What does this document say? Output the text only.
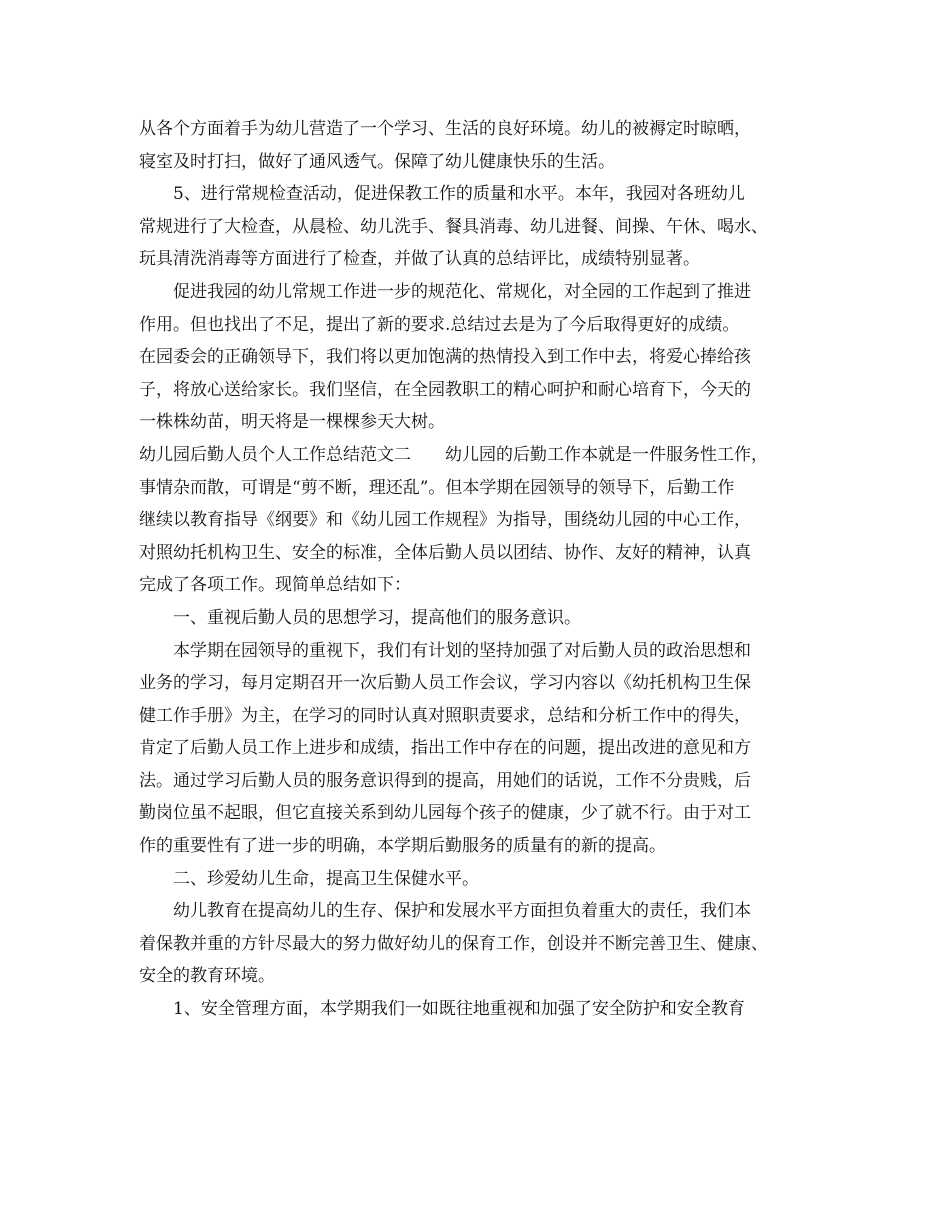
从各个方面着手为幼儿营造了一个学习、生活的良好环境。幼儿的被褥定时晾晒，
寝室及时打扫，做好了通风透气。保障了幼儿健康快乐的生活。
5、进行常规检查活动，促进保教工作的质量和水平。本年，我园对各班幼儿
常规进行了大检查，从晨检、幼儿洗手、餐具消毒、幼儿进餐、间操、午休、喝水、
玩具清洗消毒等方面进行了检查，并做了认真的总结评比，成绩特别显著。
促进我园的幼儿常规工作进一步的规范化、常规化，对全园的工作起到了推进
作用。但也找出了不足，提出了新的要求.总结过去是为了今后取得更好的成绩。
在园委会的正确领导下，我们将以更加饱满的热情投入到工作中去，将爱心捧给孩
子，将放心送给家长。我们坚信，在全园教职工的精心呵护和耐心培育下，今天的
一株株幼苗，明天将是一棵棵参天大树。
幼儿园后勤人员个人工作总结范文二 幼儿园的后勤工作本就是一件服务性工作，
事情杂而散，可谓是“剪不断，理还乱”。但本学期在园领导的领导下，后勤工作
继续以教育指导《纲要》和《幼儿园工作规程》为指导，围绕幼儿园的中心工作，
对照幼托机构卫生、安全的标准，全体后勤人员以团结、协作、友好的精神，认真
完成了各项工作。现简单总结如下：
一、重视后勤人员的思想学习，提高他们的服务意识。
本学期在园领导的重视下，我们有计划的坚持加强了对后勤人员的政治思想和
业务的学习，每月定期召开一次后勤人员工作会议，学习内容以《幼托机构卫生保
健工作手册》为主，在学习的同时认真对照职责要求，总结和分析工作中的得失，
肯定了后勤人员工作上进步和成绩，指出工作中存在的问题，提出改进的意见和方
法。通过学习后勤人员的服务意识得到的提高，用她们的话说，工作不分贵贱，后
勤岗位虽不起眼，但它直接关系到幼儿园每个孩子的健康，少了就不行。由于对工
作的重要性有了进一步的明确，本学期后勤服务的质量有的新的提高。
二、珍爱幼儿生命，提高卫生保健水平。
幼儿教育在提高幼儿的生存、保护和发展水平方面担负着重大的责任，我们本
着保教并重的方针尽最大的努力做好幼儿的保育工作，创设并不断完善卫生、健康、
安全的教育环境。
1、安全管理方面，本学期我们一如既往地重视和加强了安全防护和安全教育
